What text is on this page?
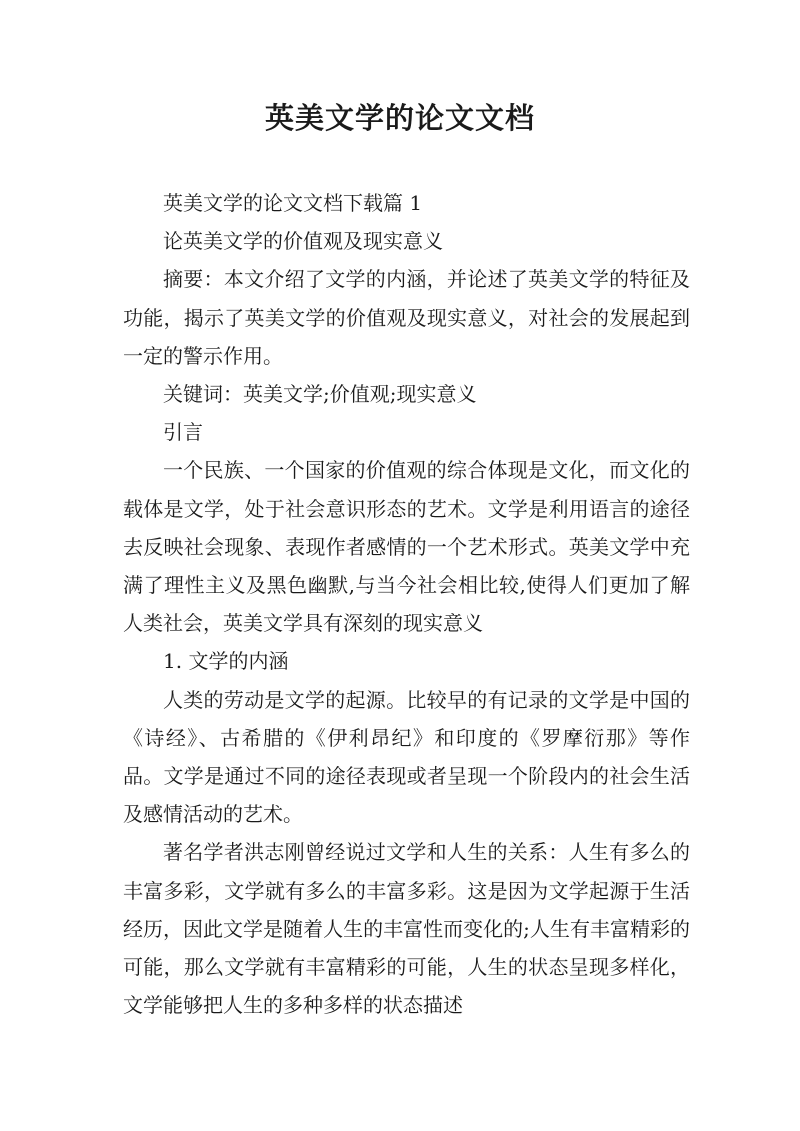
英美文学的论文文档

英美文学的论文文档下载篇 1

论英美文学的价值观及现实意义

摘要：本文介绍了文学的内涵，并论述了英美文学的特征及功能，揭示了英美文学的价值观及现实意义，对社会的发展起到一定的警示作用。

关键词：英美文学;价值观;现实意义

引言

一个民族、一个国家的价值观的综合体现是文化，而文化的载体是文学，处于社会意识形态的艺术。文学是利用语言的途径去反映社会现象、表现作者感情的一个艺术形式。英美文学中充满了理性主义及黑色幽默,与当今社会相比较,使得人们更加了解人类社会，英美文学具有深刻的现实意义

1. 文学的内涵

人类的劳动是文学的起源。比较早的有记录的文学是中国的《诗经》、古希腊的《伊利昂纪》和印度的《罗摩衍那》等作品。文学是通过不同的途径表现或者呈现一个阶段内的社会生活及感情活动的艺术。

著名学者洪志刚曾经说过文学和人生的关系：人生有多么的丰富多彩，文学就有多么的丰富多彩。这是因为文学起源于生活经历，因此文学是随着人生的丰富性而变化的;人生有丰富精彩的可能，那么文学就有丰富精彩的可能，人生的状态呈现多样化，文学能够把人生的多种多样的状态描述
